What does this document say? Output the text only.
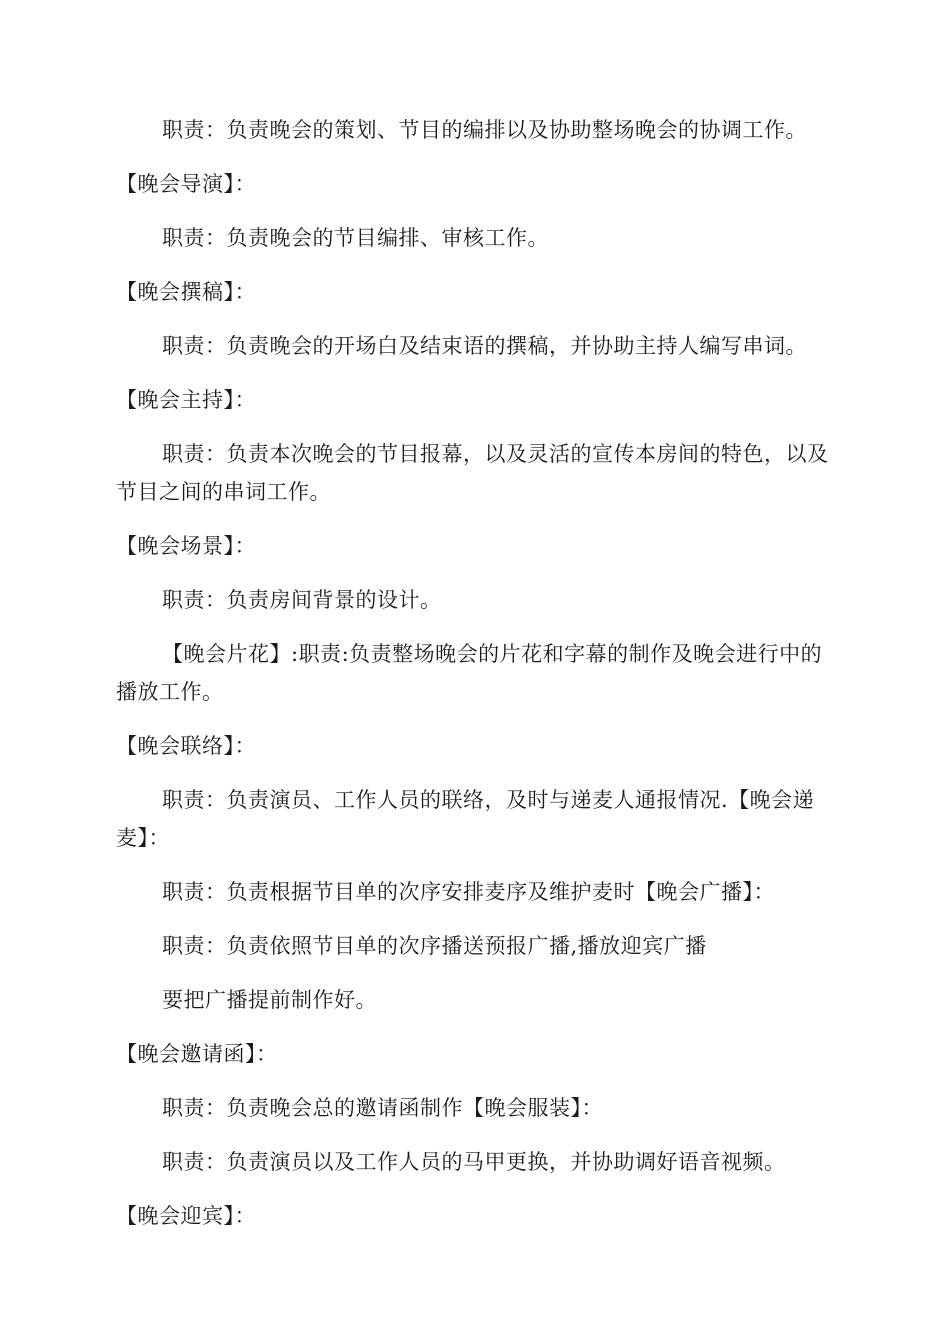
职责：负责晚会的策划、节目的编排以及协助整场晚会的协调工作。
【晚会导演】：
职责：负责晚会的节目编排、审核工作。
【晚会撰稿】：
职责：负责晚会的开场白及结束语的撰稿，并协助主持人编写串词。
【晚会主持】：
职责：负责本次晚会的节目报幕，以及灵活的宣传本房间的特色，以及节目之间的串词工作。
【晚会场景】：
职责：负责房间背景的设计。
【晚会片花】:职责:负责整场晚会的片花和字幕的制作及晚会进行中的播放工作。
【晚会联络】：
职责：负责演员、工作人员的联络，及时与递麦人通报情况.【晚会递麦】：
职责：负责根据节目单的次序安排麦序及维护麦时【晚会广播】：
职责：负责依照节目单的次序播送预报广播,播放迎宾广播
要把广播提前制作好。
【晚会邀请函】：
职责：负责晚会总的邀请函制作【晚会服装】：
职责：负责演员以及工作人员的马甲更换，并协助调好语音视频。
【晚会迎宾】：
